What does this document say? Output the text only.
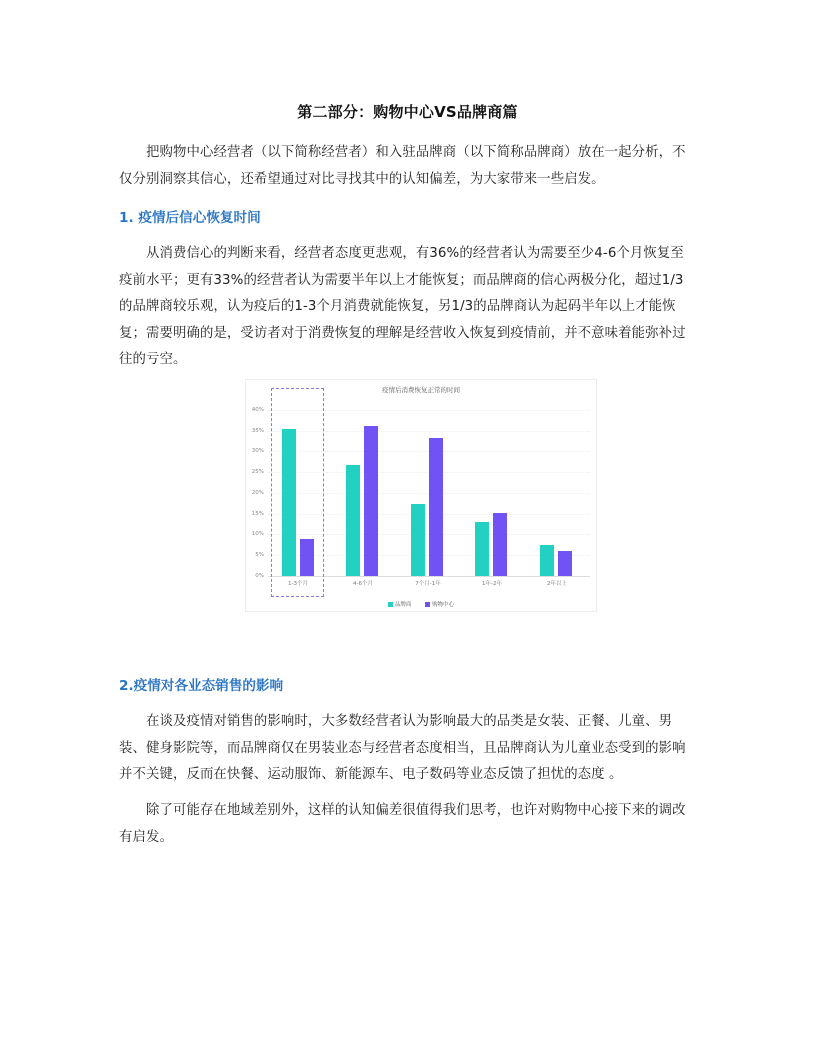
第二部分：购物中心VS品牌商篇

把购物中心经营者（以下简称经营者）和入驻品牌商（以下简称品牌商）放在一起分析，不仅分别洞察其信心，还希望通过对比寻找其中的认知偏差，为大家带来一些启发。

1. 疫情后信心恢复时间

从消费信心的判断来看，经营者态度更悲观，有36%的经营者认为需要至少4-6个月恢复至疫前水平；更有33%的经营者认为需要半年以上才能恢复；而品牌商的信心两极分化，超过1/3的品牌商较乐观，认为疫后的1-3个月消费就能恢复，另1/3的品牌商认为起码半年以上才能恢复；需要明确的是，受访者对于消费恢复的理解是经营收入恢复到疫情前，并不意味着能弥补过往的亏空。

疫情后消费恢复正常的时间
0%
5%
10%
15%
20%
25%
30%
35%
40%
1-3个月	4-6个月	7个月-1年	1年-2年	2年以上
品牌商	购物中心
2.疫情对各业态销售的影响

在谈及疫情对销售的影响时，大多数经营者认为影响最大的品类是女装、正餐、儿童、男装、健身影院等，而品牌商仅在男装业态与经营者态度相当，且品牌商认为儿童业态受到的影响并不关键，反而在快餐、运动服饰、新能源车、电子数码等业态反馈了担忧的态度 。

除了可能存在地域差别外，这样的认知偏差很值得我们思考，也许对购物中心接下来的调改有启发。
